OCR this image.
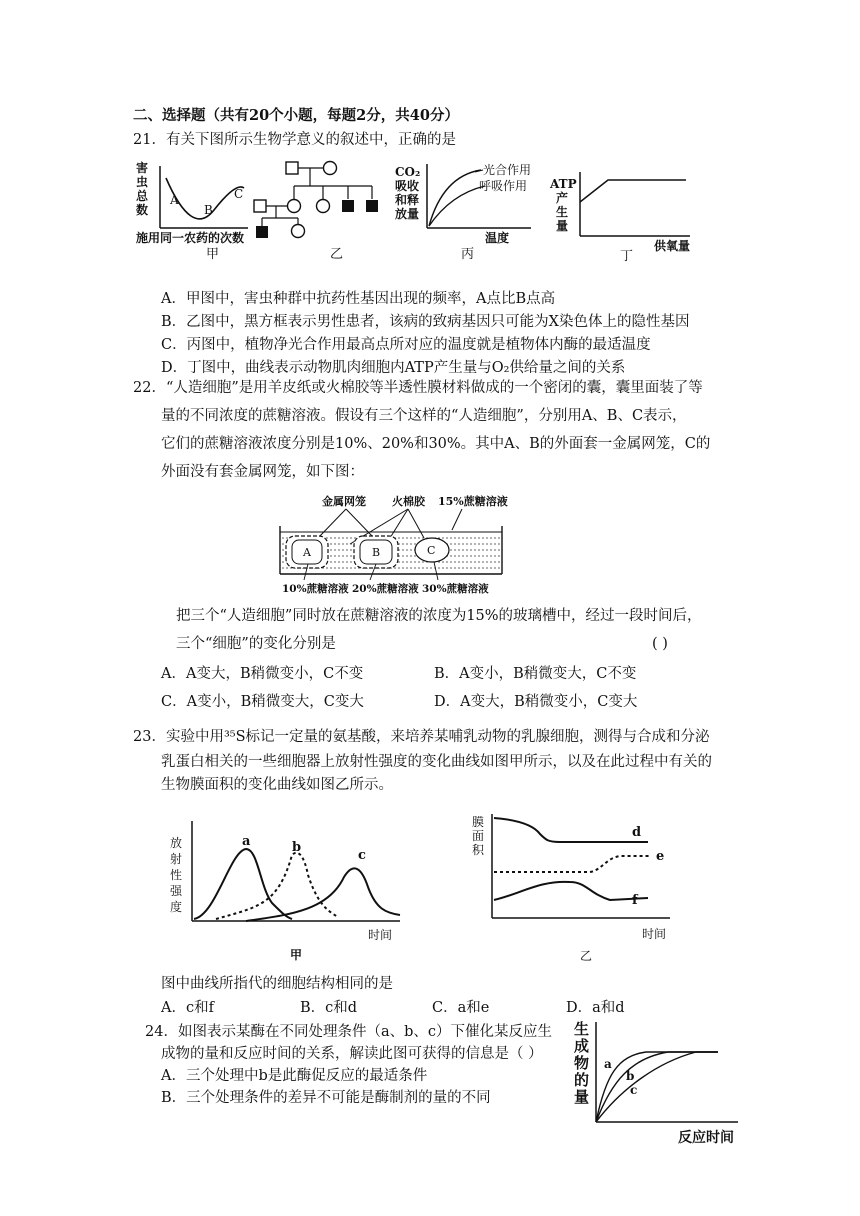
二、选择题（共有20个小题，每题2分，共40分）
21．有关下图所示生物学意义的叙述中，正确的是
害
虫
总
数
A
B
C
施用同一农药的次数
甲	乙
CO₂
吸收
和释
放量
光合作用
呼吸作用
温度
丙
ATP
产
生
量
供氧量
丁
A．甲图中，害虫种群中抗药性基因出现的频率，A点比B点高
B．乙图中，黑方框表示男性患者，该病的致病基因只可能为X染色体上的隐性基因
C．丙图中，植物净光合作用最高点所对应的温度就是植物体内酶的最适温度
D．丁图中，曲线表示动物肌肉细胞内ATP产生量与O₂供给量之间的关系
22．“人造细胞”是用羊皮纸或火棉胶等半透性膜材料做成的一个密闭的囊，囊里面装了等
量的不同浓度的蔗糖溶液。假设有三个这样的“人造细胞”，分别用A、B、C表示，
它们的蔗糖溶液浓度分别是10%、20%和30%。其中A、B的外面套一金属网笼，C的
外面没有套金属网笼，如下图：
金属网笼 火棉胶 15%蔗糖溶液
A	B	C
10%蔗糖溶液 20%蔗糖溶液 30%蔗糖溶液
把三个“人造细胞”同时放在蔗糖溶液的浓度为15%的玻璃槽中，经过一段时间后，
三个“细胞”的变化分别是	( )
A．A变大，B稍微变小，C不变	B．A变小，B稍微变大，C不变
C．A变小，B稍微变大，C变大	D．A变大，B稍微变小，C变大
23．实验中用³⁵S标记一定量的氨基酸，来培养某哺乳动物的乳腺细胞，测得与合成和分泌
乳蛋白相关的一些细胞器上放射性强度的变化曲线如图甲所示，以及在此过程中有关的
生物膜面积的变化曲线如图乙所示。
放
射
性
强
度
a	b
c
时间
甲
膜
面
积
d
e
f
时间
乙
图中曲线所指代的细胞结构相同的是
A．c和f	B．c和d	C．a和e	D．a和d
24．如图表示某酶在不同处理条件（a、b、c）下催化某反应生
成物的量和反应时间的关系，解读此图可获得的信息是（ ）
A．三个处理中b是此酶促反应的最适条件
B．三个处理条件的差异不可能是酶制剂的量的不同
生
成
物
的
量
a
b
c
反应时间
